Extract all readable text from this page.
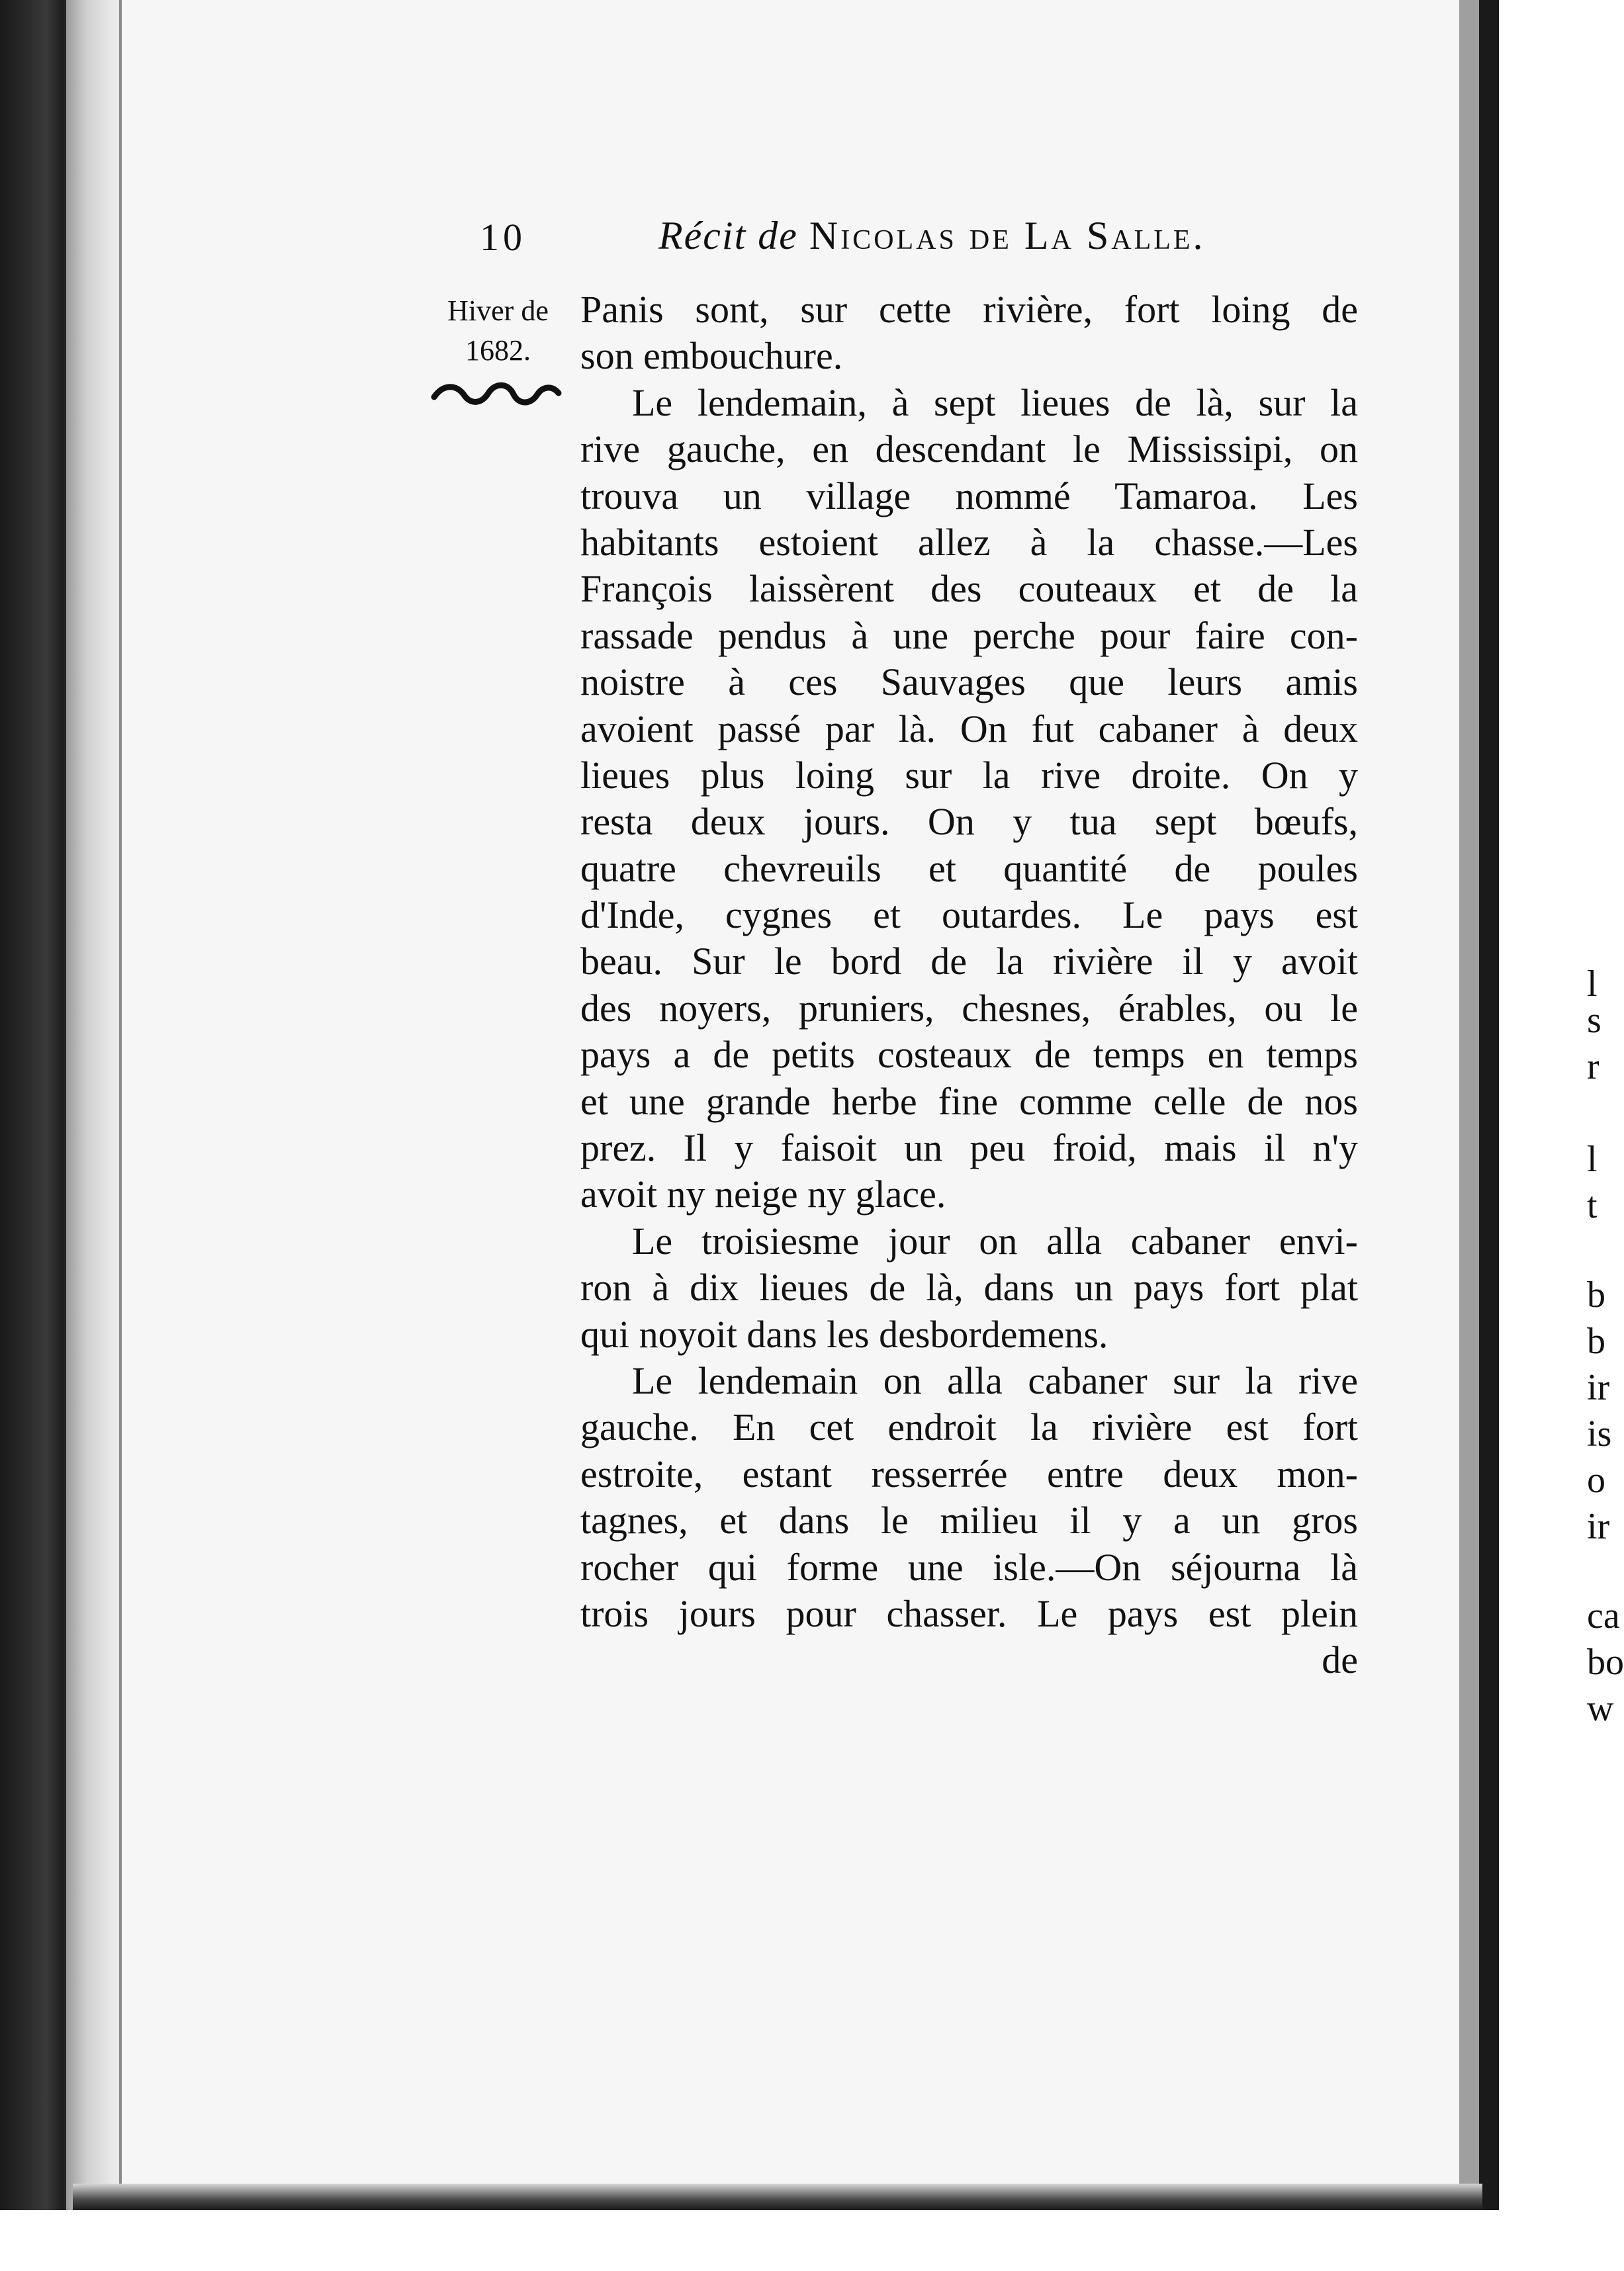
10	Récit de Nicolas de La Salle.
Hiver de
1682.
Panis sont, sur cette rivière, fort loing de
son embouchure.
Le lendemain, à sept lieues de là, sur la
rive gauche, en descendant le Mississipi, on
trouva un village nommé Tamaroa. Les
habitants estoient allez à la chasse.—Les
François laissèrent des couteaux et de la
rassade pendus à une perche pour faire con-
noistre à ces Sauvages que leurs amis
avoient passé par là. On fut cabaner à deux
lieues plus loing sur la rive droite. On y
resta deux jours. On y tua sept bœufs,
quatre chevreuils et quantité de poules
d'Inde, cygnes et outardes. Le pays est
beau. Sur le bord de la rivière il y avoit
des noyers, pruniers, chesnes, érables, ou le
pays a de petits costeaux de temps en temps
et une grande herbe fine comme celle de nos
prez. Il y faisoit un peu froid, mais il n'y
avoit ny neige ny glace.
Le troisiesme jour on alla cabaner envi-
ron à dix lieues de là, dans un pays fort plat
qui noyoit dans les desbordemens.
Le lendemain on alla cabaner sur la rive
gauche. En cet endroit la rivière est fort
estroite, estant resserrée entre deux mon-
tagnes, et dans le milieu il y a un gros
rocher qui forme une isle.—On séjourna là
trois jours pour chasser. Le pays est plein
de
l
s
r
l
t
b
b
ir
is
o
ir
ca
bo
w
